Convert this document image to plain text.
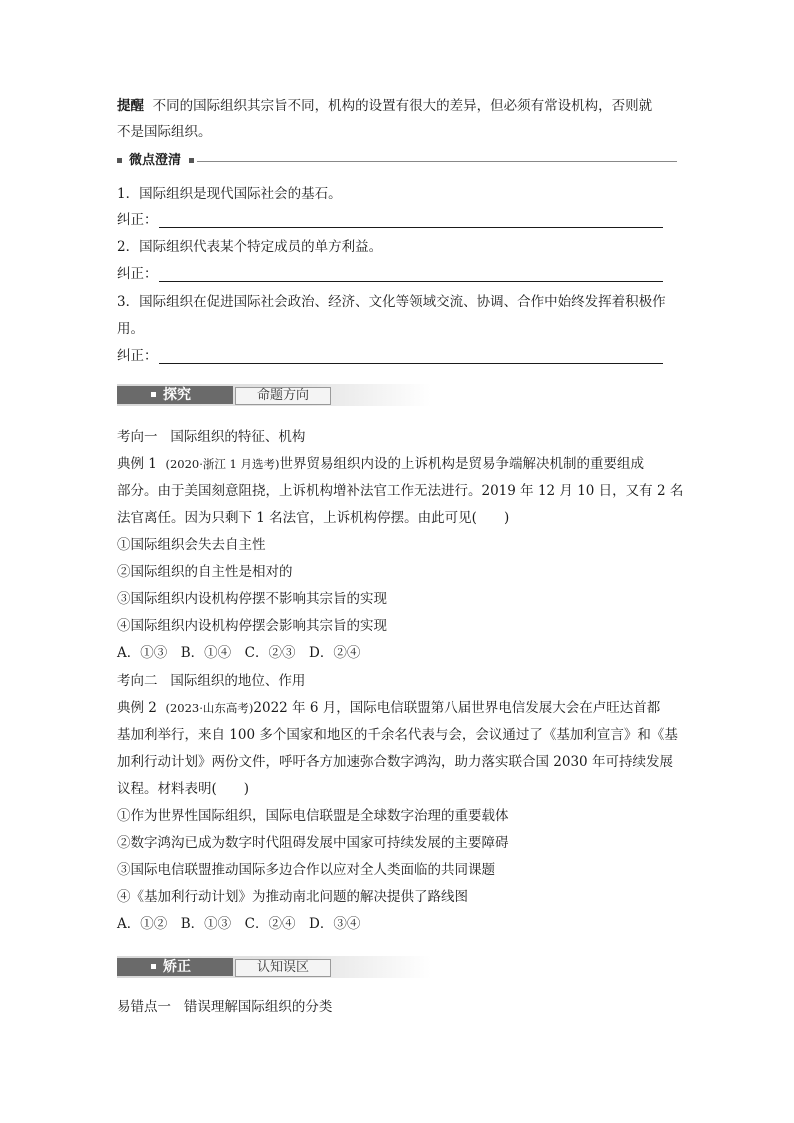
提醒 不同的国际组织其宗旨不同，机构的设置有很大的差异，但必须有常设机构，否则就
不是国际组织。
微点澄清
1．国际组织是现代国际社会的基石。
纠正：
2．国际组织代表某个特定成员的单方利益。
纠正：
3．国际组织在促进国际社会政治、经济、文化等领域交流、协调、合作中始终发挥着积极作
用。
纠正：
探究	命题方向
考向一 国际组织的特征、机构
典例 1 (2020·浙江 1 月选考)世界贸易组织内设的上诉机构是贸易争端解决机制的重要组成
部分。由于美国刻意阻挠，上诉机构增补法官工作无法进行。2019 年 12 月 10 日，又有 2 名
法官离任。因为只剩下 1 名法官，上诉机构停摆。由此可见(　　)
①国际组织会失去自主性
②国际组织的自主性是相对的
③国际组织内设机构停摆不影响其宗旨的实现
④国际组织内设机构停摆会影响其宗旨的实现
A．①③　B．①④　C．②③　D．②④
考向二 国际组织的地位、作用
典例 2 (2023·山东高考)2022 年 6 月，国际电信联盟第八届世界电信发展大会在卢旺达首都
基加利举行，来自 100 多个国家和地区的千余名代表与会，会议通过了《基加利宣言》和《基
加利行动计划》两份文件，呼吁各方加速弥合数字鸿沟，助力落实联合国 2030 年可持续发展
议程。材料表明(　　)
①作为世界性国际组织，国际电信联盟是全球数字治理的重要载体
②数字鸿沟已成为数字时代阻碍发展中国家可持续发展的主要障碍
③国际电信联盟推动国际多边合作以应对全人类面临的共同课题
④《基加利行动计划》为推动南北问题的解决提供了路线图
A．①②　B．①③　C．②④　D．③④
矫正	认知误区
易错点一 错误理解国际组织的分类
